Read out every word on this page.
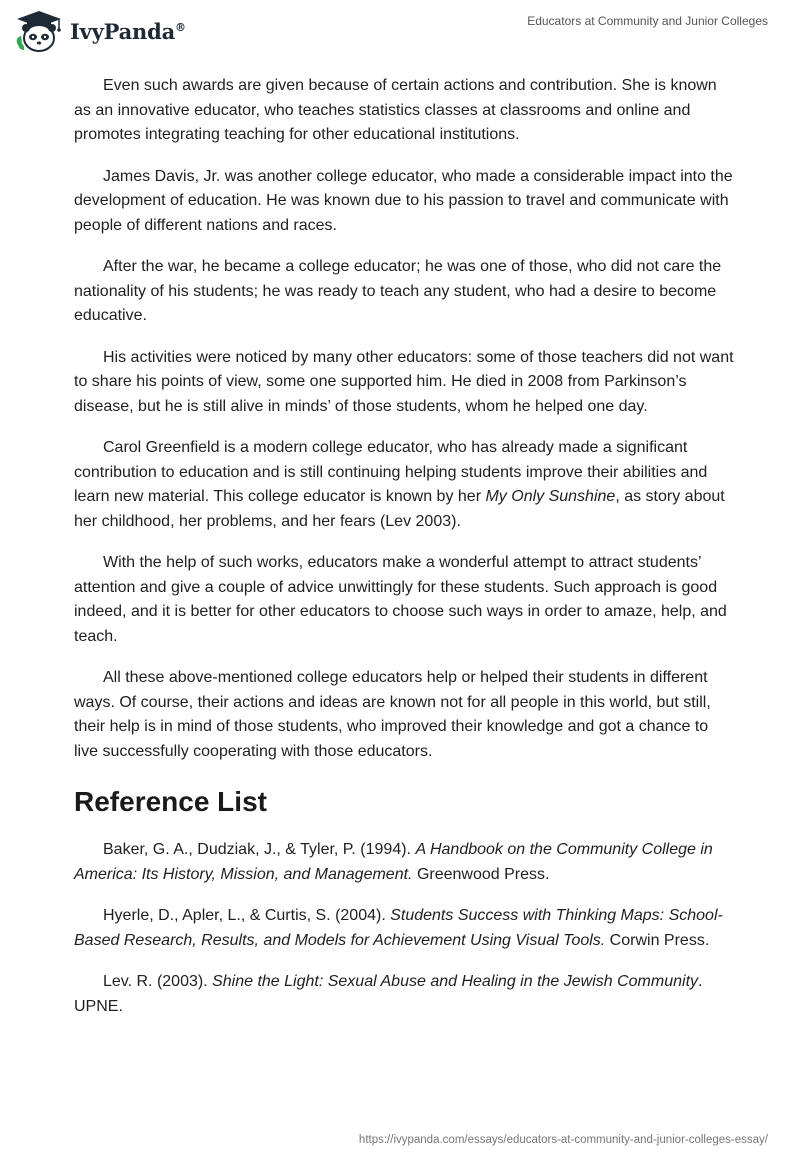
IvyPanda®	Educators at Community and Junior Colleges

Even such awards are given because of certain actions and contribution. She is known as an innovative educator, who teaches statistics classes at classrooms and online and promotes integrating teaching for other educational institutions.

James Davis, Jr. was another college educator, who made a considerable impact into the development of education. He was known due to his passion to travel and communicate with people of different nations and races.

After the war, he became a college educator; he was one of those, who did not care the nationality of his students; he was ready to teach any student, who had a desire to become educative.

His activities were noticed by many other educators: some of those teachers did not want to share his points of view, some one supported him. He died in 2008 from Parkinson’s disease, but he is still alive in minds’ of those students, whom he helped one day.

Carol Greenfield is a modern college educator, who has already made a significant contribution to education and is still continuing helping students improve their abilities and learn new material. This college educator is known by her My Only Sunshine, as story about her childhood, her problems, and her fears (Lev 2003).

With the help of such works, educators make a wonderful attempt to attract students’ attention and give a couple of advice unwittingly for these students. Such approach is good indeed, and it is better for other educators to choose such ways in order to amaze, help, and teach.

All these above-mentioned college educators help or helped their students in different ways. Of course, their actions and ideas are known not for all people in this world, but still, their help is in mind of those students, who improved their knowledge and got a chance to live successfully cooperating with those educators.

Reference List

Baker, G. A., Dudziak, J., & Tyler, P. (1994). A Handbook on the Community College in America: Its History, Mission, and Management. Greenwood Press.

Hyerle, D., Apler, L., & Curtis, S. (2004). Students Success with Thinking Maps: School-Based Research, Results, and Models for Achievement Using Visual Tools. Corwin Press.

Lev. R. (2003). Shine the Light: Sexual Abuse and Healing in the Jewish Community. UPNE.

https://ivypanda.com/essays/educators-at-community-and-junior-colleges-essay/
